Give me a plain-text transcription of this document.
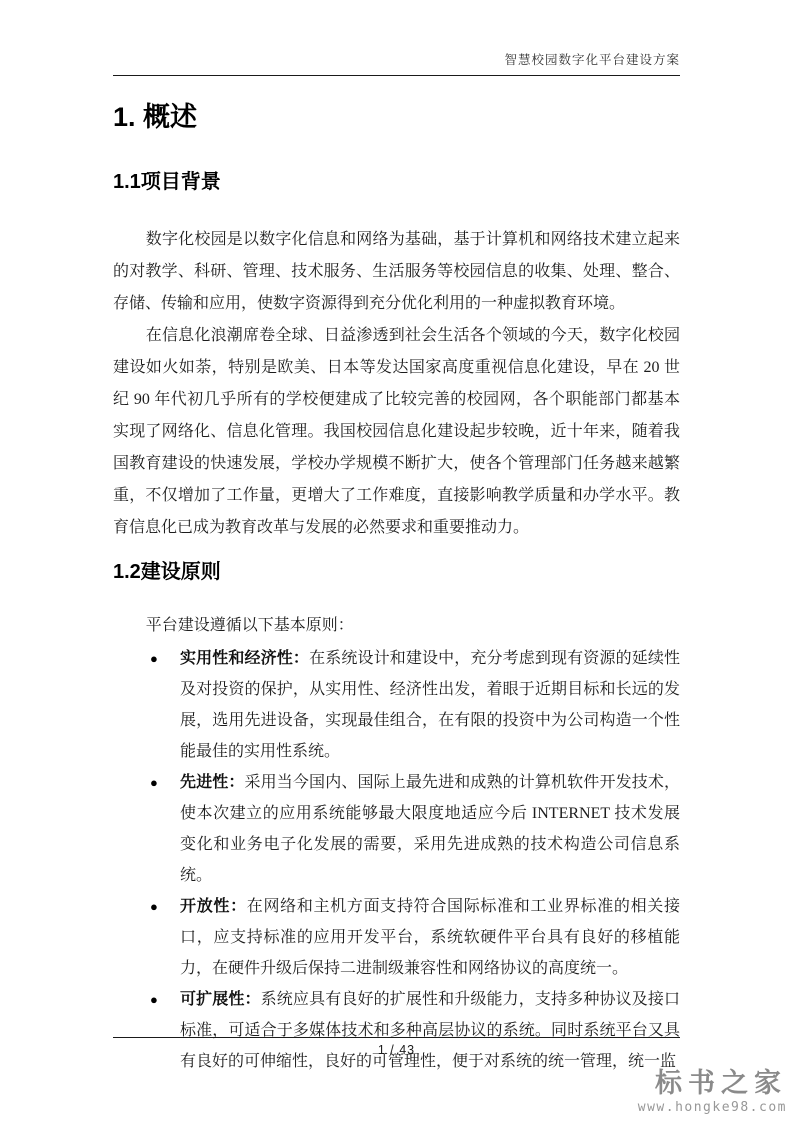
智慧校园数字化平台建设方案
1. 概述
1.1项目背景

数字化校园是以数字化信息和网络为基础，基于计算机和网络技术建立起来的对教学、科研、管理、技术服务、生活服务等校园信息的收集、处理、整合、存储、传输和应用，使数字资源得到充分优化利用的一种虚拟教育环境。

在信息化浪潮席卷全球、日益渗透到社会生活各个领域的今天，数字化校园建设如火如荼，特别是欧美、日本等发达国家高度重视信息化建设，早在 20 世纪 90 年代初几乎所有的学校便建成了比较完善的校园网，各个职能部门都基本实现了网络化、信息化管理。我国校园信息化建设起步较晚，近十年来，随着我国教育建设的快速发展，学校办学规模不断扩大，使各个管理部门任务越来越繁重，不仅增加了工作量，更增大了工作难度，直接影响教学质量和办学水平。教育信息化已成为教育改革与发展的必然要求和重要推动力。

1.2建设原则

平台建设遵循以下基本原则：

● 实用性和经济性：在系统设计和建设中，充分考虑到现有资源的延续性及对投资的保护，从实用性、经济性出发，着眼于近期目标和长远的发展，选用先进设备，实现最佳组合，在有限的投资中为公司构造一个性能最佳的实用性系统。
● 先进性：采用当今国内、国际上最先进和成熟的计算机软件开发技术，使本次建立的应用系统能够最大限度地适应今后 INTERNET 技术发展变化和业务电子化发展的需要，采用先进成熟的技术构造公司信息系统。
● 开放性：在网络和主机方面支持符合国际标准和工业界标准的相关接口，应支持标准的应用开发平台，系统软硬件平台具有良好的移植能力，在硬件升级后保持二进制级兼容性和网络协议的高度统一。
● 可扩展性：系统应具有良好的扩展性和升级能力，支持多种协议及接口标准，可适合于多媒体技术和多种高层协议的系统。同时系统平台又具有良好的可伸缩性，良好的可管理性，便于对系统的统一管理，统一监
1 / 43
标书之家
www.hongke98.com
